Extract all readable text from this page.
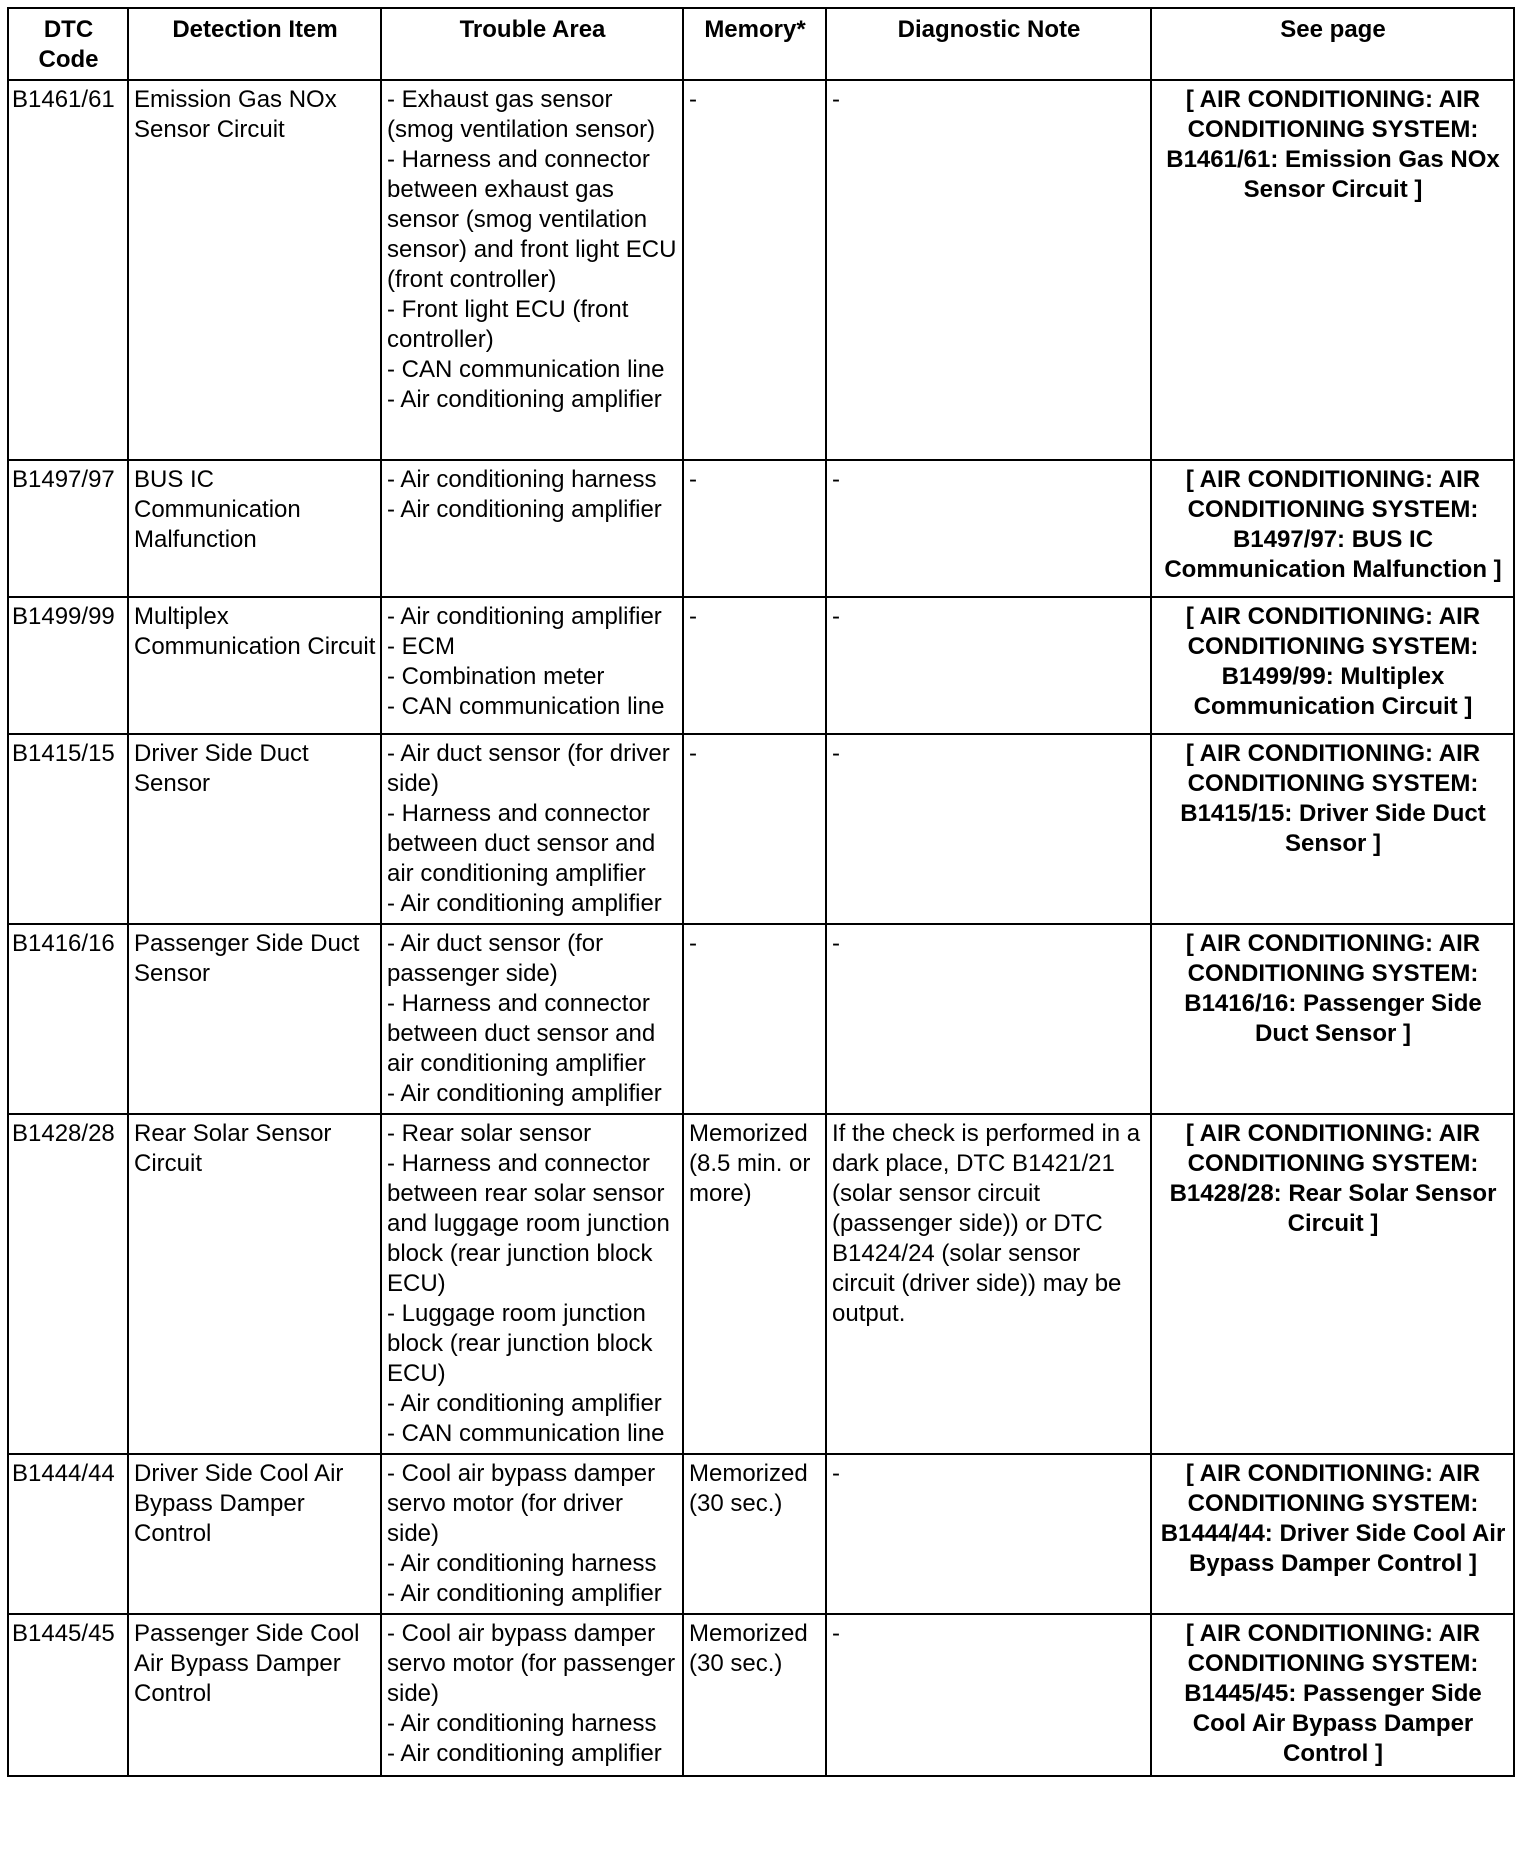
DTC Code	Detection Item	Trouble Area	Memory*	Diagnostic Note	See page
B1461/61	Emission Gas NOx Sensor Circuit	- Exhaust gas sensor (smog ventilation sensor)
- Harness and connector between exhaust gas sensor (smog ventilation sensor) and front light ECU (front controller)
- Front light ECU (front controller)
- CAN communication line
- Air conditioning amplifier	-	-	[ AIR CONDITIONING: AIR CONDITIONING SYSTEM: B1461/61: Emission Gas NOx Sensor Circuit ]
B1497/97	BUS IC Communication Malfunction	- Air conditioning harness
- Air conditioning amplifier	-	-	[ AIR CONDITIONING: AIR CONDITIONING SYSTEM: B1497/97: BUS IC Communication Malfunction ]
B1499/99	Multiplex Communication Circuit	- Air conditioning amplifier
- ECM
- Combination meter
- CAN communication line	-	-	[ AIR CONDITIONING: AIR CONDITIONING SYSTEM: B1499/99: Multiplex Communication Circuit ]
B1415/15	Driver Side Duct Sensor	- Air duct sensor (for driver side)
- Harness and connector between duct sensor and air conditioning amplifier
- Air conditioning amplifier	-	-	[ AIR CONDITIONING: AIR CONDITIONING SYSTEM: B1415/15: Driver Side Duct Sensor ]
B1416/16	Passenger Side Duct Sensor	- Air duct sensor (for passenger side)
- Harness and connector between duct sensor and air conditioning amplifier
- Air conditioning amplifier	-	-	[ AIR CONDITIONING: AIR CONDITIONING SYSTEM: B1416/16: Passenger Side Duct Sensor ]
B1428/28	Rear Solar Sensor Circuit	- Rear solar sensor
- Harness and connector between rear solar sensor and luggage room junction block (rear junction block ECU)
- Luggage room junction block (rear junction block ECU)
- Air conditioning amplifier
- CAN communication line	Memorized (8.5 min. or more)	If the check is performed in a dark place, DTC B1421/21 (solar sensor circuit (passenger side)) or DTC B1424/24 (solar sensor circuit (driver side)) may be output.	[ AIR CONDITIONING: AIR CONDITIONING SYSTEM: B1428/28: Rear Solar Sensor Circuit ]
B1444/44	Driver Side Cool Air Bypass Damper Control	- Cool air bypass damper servo motor (for driver side)
- Air conditioning harness
- Air conditioning amplifier	Memorized (30 sec.)	-	[ AIR CONDITIONING: AIR CONDITIONING SYSTEM: B1444/44: Driver Side Cool Air Bypass Damper Control ]
B1445/45	Passenger Side Cool Air Bypass Damper Control	- Cool air bypass damper servo motor (for passenger side)
- Air conditioning harness
- Air conditioning amplifier	Memorized (30 sec.)	-	[ AIR CONDITIONING: AIR CONDITIONING SYSTEM: B1445/45: Passenger Side Cool Air Bypass Damper Control ]
